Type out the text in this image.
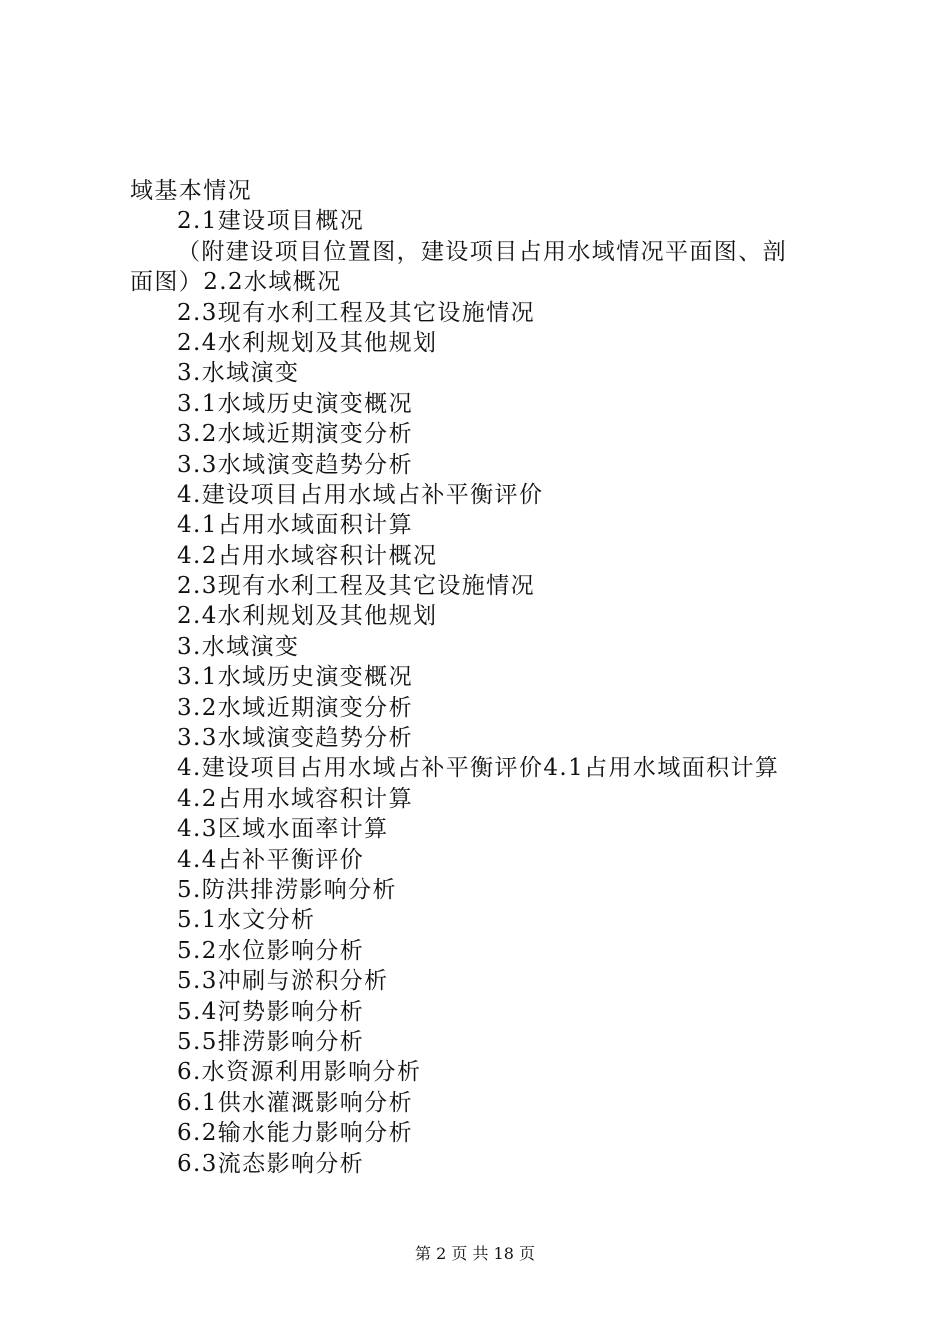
域基本情况
2.1建设项目概况
（附建设项目位置图，建设项目占用水域情况平面图、剖
面图）2.2水域概况
2.3现有水利工程及其它设施情况
2.4水利规划及其他规划
3.水域演变
3.1水域历史演变概况
3.2水域近期演变分析
3.3水域演变趋势分析
4.建设项目占用水域占补平衡评价
4.1占用水域面积计算
4.2占用水域容积计概况
2.3现有水利工程及其它设施情况
2.4水利规划及其他规划
3.水域演变
3.1水域历史演变概况
3.2水域近期演变分析
3.3水域演变趋势分析
4.建设项目占用水域占补平衡评价4.1占用水域面积计算
4.2占用水域容积计算
4.3区域水面率计算
4.4占补平衡评价
5.防洪排涝影响分析
5.1水文分析
5.2水位影响分析
5.3冲刷与淤积分析
5.4河势影响分析
5.5排涝影响分析
6.水资源利用影响分析
6.1供水灌溉影响分析
6.2输水能力影响分析
6.3流态影响分析
第 2 页 共 18 页
